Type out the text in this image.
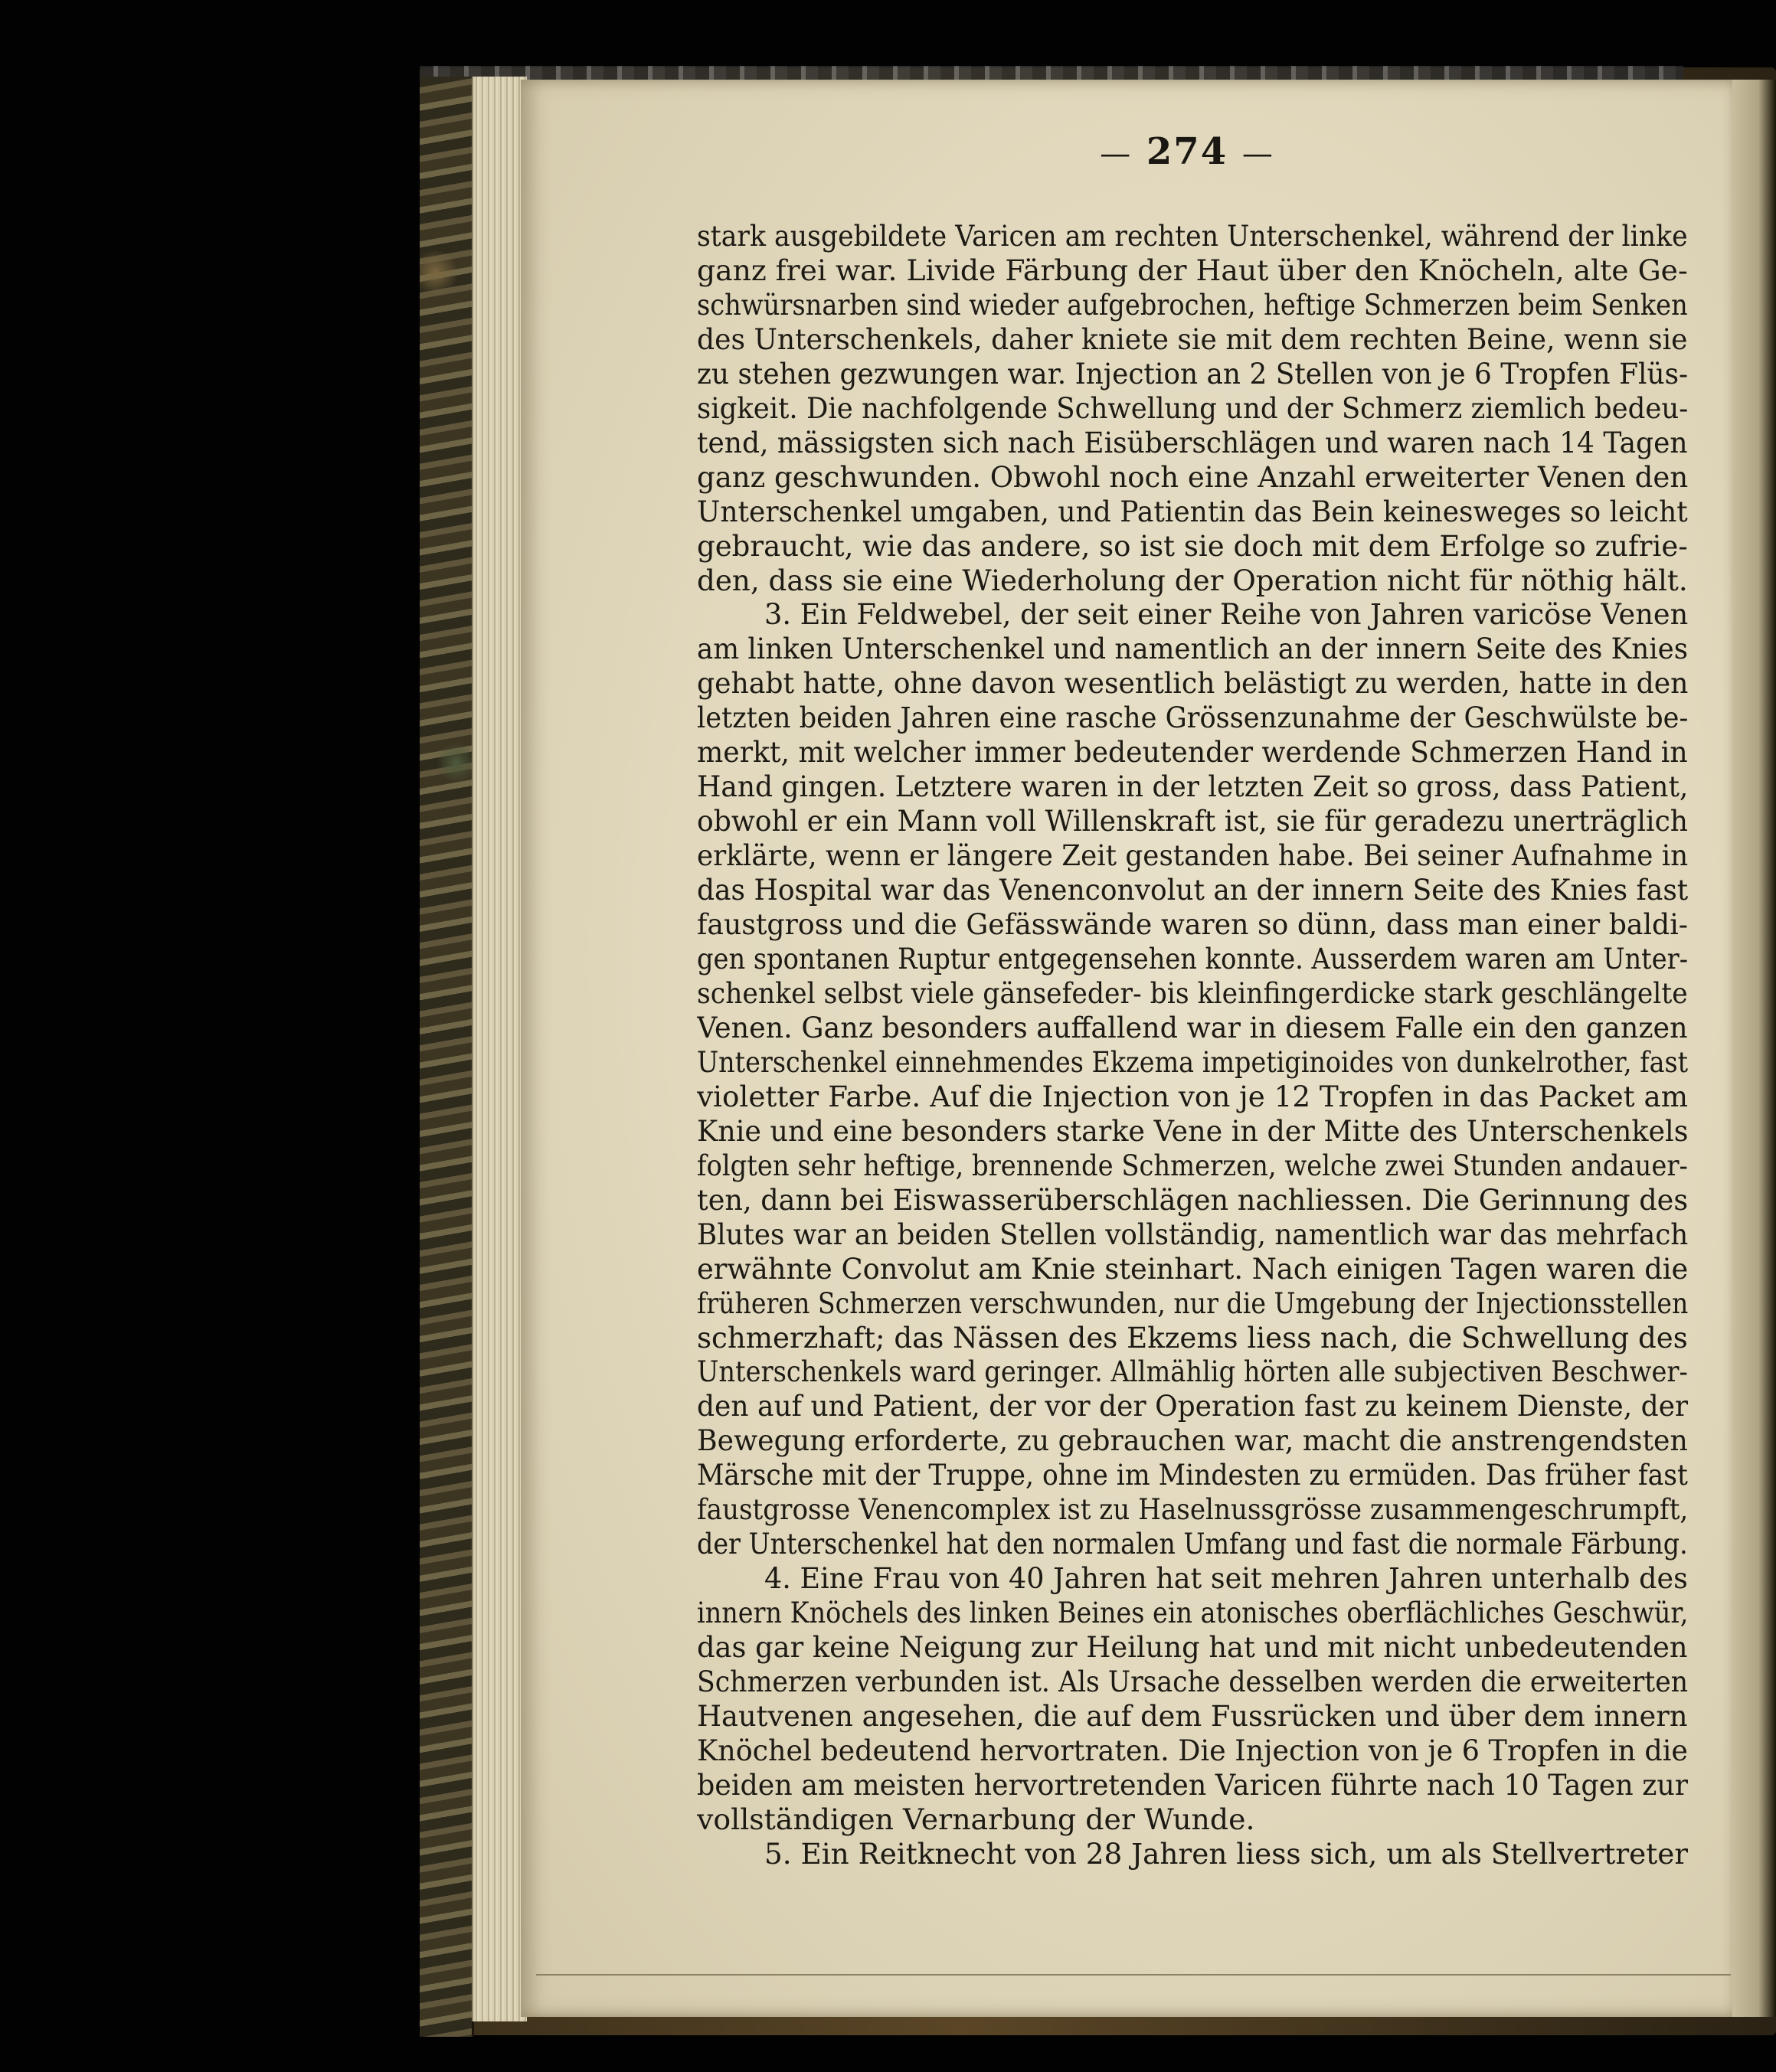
— 274 —
stark ausgebildete Varicen am rechten Unterschenkel, während der linke
ganz frei war. Livide Färbung der Haut über den Knöcheln, alte Ge-
schwürsnarben sind wieder aufgebrochen, heftige Schmerzen beim Senken
des Unterschenkels, daher kniete sie mit dem rechten Beine, wenn sie
zu stehen gezwungen war. Injection an 2 Stellen von je 6 Tropfen Flüs-
sigkeit. Die nachfolgende Schwellung und der Schmerz ziemlich bedeu-
tend, mässigsten sich nach Eisüberschlägen und waren nach 14 Tagen
ganz geschwunden. Obwohl noch eine Anzahl erweiterter Venen den
Unterschenkel umgaben, und Patientin das Bein keinesweges so leicht
gebraucht, wie das andere, so ist sie doch mit dem Erfolge so zufrie-
den, dass sie eine Wiederholung der Operation nicht für nöthig hält.
3. Ein Feldwebel, der seit einer Reihe von Jahren varicöse Venen
am linken Unterschenkel und namentlich an der innern Seite des Knies
gehabt hatte, ohne davon wesentlich belästigt zu werden, hatte in den
letzten beiden Jahren eine rasche Grössenzunahme der Geschwülste be-
merkt, mit welcher immer bedeutender werdende Schmerzen Hand in
Hand gingen. Letztere waren in der letzten Zeit so gross, dass Patient,
obwohl er ein Mann voll Willenskraft ist, sie für geradezu unerträglich
erklärte, wenn er längere Zeit gestanden habe. Bei seiner Aufnahme in
das Hospital war das Venenconvolut an der innern Seite des Knies fast
faustgross und die Gefässwände waren so dünn, dass man einer baldi-
gen spontanen Ruptur entgegensehen konnte. Ausserdem waren am Unter-
schenkel selbst viele gänsefeder- bis kleinfingerdicke stark geschlängelte
Venen. Ganz besonders auffallend war in diesem Falle ein den ganzen
Unterschenkel einnehmendes Ekzema impetiginoides von dunkelrother, fast
violetter Farbe. Auf die Injection von je 12 Tropfen in das Packet am
Knie und eine besonders starke Vene in der Mitte des Unterschenkels
folgten sehr heftige, brennende Schmerzen, welche zwei Stunden andauer-
ten, dann bei Eiswasserüberschlägen nachliessen. Die Gerinnung des
Blutes war an beiden Stellen vollständig, namentlich war das mehrfach
erwähnte Convolut am Knie steinhart. Nach einigen Tagen waren die
früheren Schmerzen verschwunden, nur die Umgebung der Injectionsstellen
schmerzhaft; das Nässen des Ekzems liess nach, die Schwellung des
Unterschenkels ward geringer. Allmählig hörten alle subjectiven Beschwer-
den auf und Patient, der vor der Operation fast zu keinem Dienste, der
Bewegung erforderte, zu gebrauchen war, macht die anstrengendsten
Märsche mit der Truppe, ohne im Mindesten zu ermüden. Das früher fast
faustgrosse Venencomplex ist zu Haselnussgrösse zusammengeschrumpft,
der Unterschenkel hat den normalen Umfang und fast die normale Färbung.
4. Eine Frau von 40 Jahren hat seit mehren Jahren unterhalb des
innern Knöchels des linken Beines ein atonisches oberflächliches Geschwür,
das gar keine Neigung zur Heilung hat und mit nicht unbedeutenden
Schmerzen verbunden ist. Als Ursache desselben werden die erweiterten
Hautvenen angesehen, die auf dem Fussrücken und über dem innern
Knöchel bedeutend hervortraten. Die Injection von je 6 Tropfen in die
beiden am meisten hervortretenden Varicen führte nach 10 Tagen zur
vollständigen Vernarbung der Wunde.
5. Ein Reitknecht von 28 Jahren liess sich, um als Stellvertreter
